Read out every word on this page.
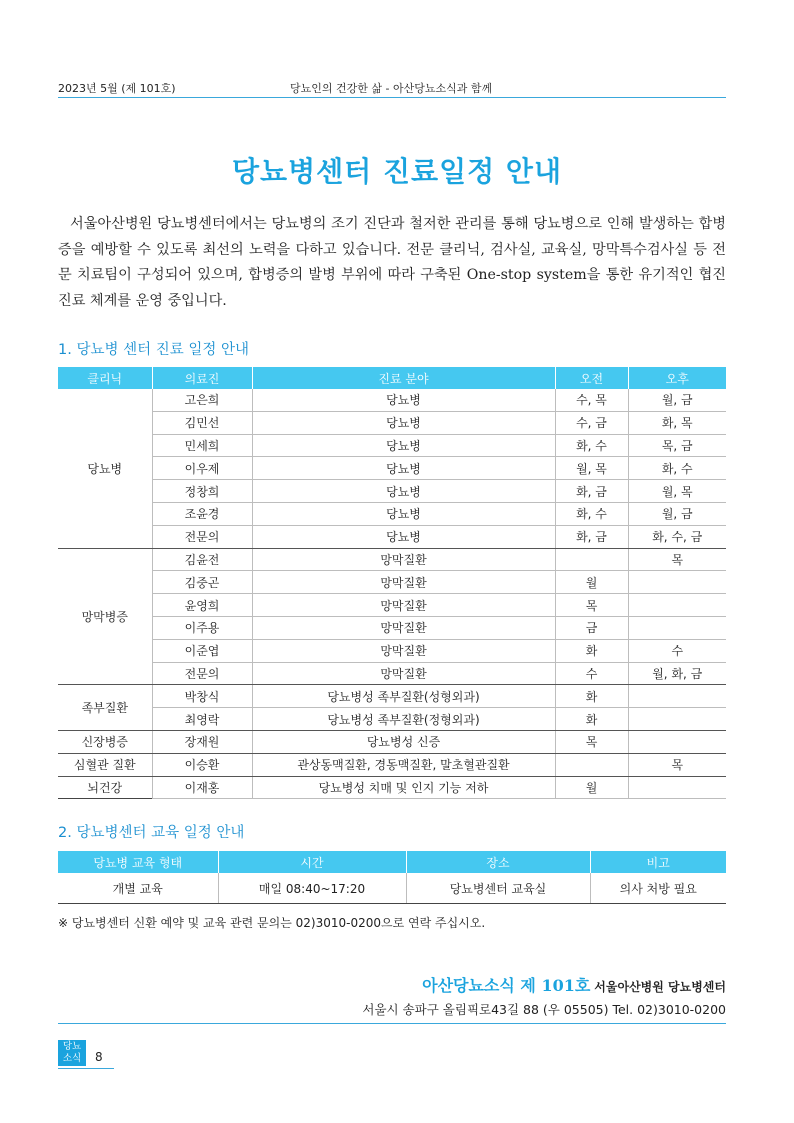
2023년 5월 (제 101호)	당뇨인의 건강한 삶 - 아산당뇨소식과 함께
당뇨병센터 진료일정 안내
서울아산병원 당뇨병센터에서는 당뇨병의 조기 진단과 철저한 관리를 통해 당뇨병으로 인해 발생하는 합병증을 예방할 수 있도록 최선의 노력을 다하고 있습니다. 전문 클리닉, 검사실, 교육실, 망막특수검사실 등 전문 치료팀이 구성되어 있으며, 합병증의 발병 부위에 따라 구축된 One-stop system을 통한 유기적인 협진 진료 체계를 운영 중입니다.
1. 당뇨병 센터 진료 일정 안내
클리닉	의료진	진료 분야	오전	오후
당뇨병	고은희	당뇨병	수, 목	월, 금
	김민선	당뇨병	수, 금	화, 목
	민세희	당뇨병	화, 수	목, 금
	이우제	당뇨병	월, 목	화, 수
	정창희	당뇨병	화, 금	월, 목
	조윤경	당뇨병	화, 수	월, 금
	전문의	당뇨병	화, 금	화, 수, 금
망막병증	김윤전	망막질환		목
	김중곤	망막질환	월	
	윤영희	망막질환	목	
	이주용	망막질환	금	
	이준엽	망막질환	화	수
	전문의	망막질환	수	월, 화, 금
족부질환	박창식	당뇨병성 족부질환(성형외과)	화	
	최영락	당뇨병성 족부질환(정형외과)	화	
신장병증	장재원	당뇨병성 신증	목	
심혈관 질환	이승환	관상동맥질환, 경동맥질환, 말초혈관질환		목
뇌건강	이재홍	당뇨병성 치매 및 인지 기능 저하	월	
2. 당뇨병센터 교육 일정 안내
당뇨병 교육 형태	시간	장소	비고
개별 교육	매일 08:40~17:20	당뇨병센터 교육실	의사 처방 필요
※ 당뇨병센터 신환 예약 및 교육 관련 문의는 02)3010-0200으로 연락 주십시오.
아산당뇨소식 제 101호 서울아산병원 당뇨병센터
서울시 송파구 올림픽로43길 88 (우 05505) Tel. 02)3010-0200
당뇨
소식	8
